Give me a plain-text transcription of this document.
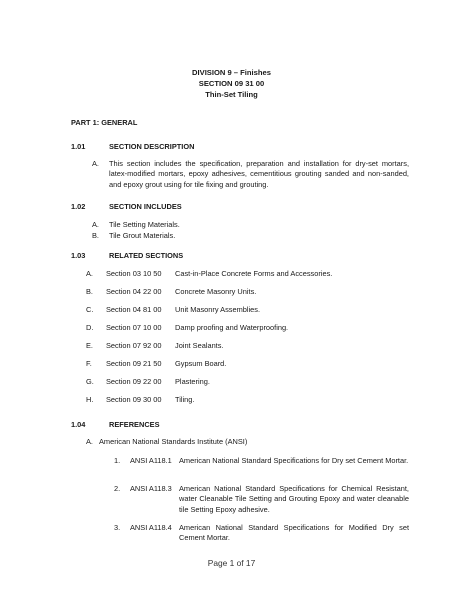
DIVISION 9 – Finishes
SECTION 09 31 00
Thin-Set Tiling
PART 1: GENERAL
1.01	SECTION DESCRIPTION
A. This section includes the specification, preparation and installation for dry-set mortars, latex-modified mortars, epoxy adhesives, cementitious grouting sanded and non-sanded, and epoxy grout using for tile fixing and grouting.
1.02	SECTION INCLUDES
A. Tile Setting Materials.
B. Tile Grout Materials.
1.03	RELATED SECTIONS
A. Section 03 10 50 Cast-in-Place Concrete Forms and Accessories.
B. Section 04 22 00 Concrete Masonry Units.
C. Section 04 81 00 Unit Masonry Assemblies.
D. Section 07 10 00 Damp proofing and Waterproofing.
E. Section 07 92 00 Joint Sealants.
F. Section 09 21 50 Gypsum Board.
G. Section 09 22 00 Plastering.
H. Section 09 30 00 Tiling.
1.04	REFERENCES
A. American National Standards Institute (ANSI)
1. ANSI A118.1 American National Standard Specifications for Dry set Cement Mortar.
2. ANSI A118.3 American National Standard Specifications for Chemical Resistant, water Cleanable Tile Setting and Grouting Epoxy and water cleanable tile Setting Epoxy adhesive.
3. ANSI A118.4 American National Standard Specifications for Modified Dry set Cement Mortar.
Page 1 of 17
